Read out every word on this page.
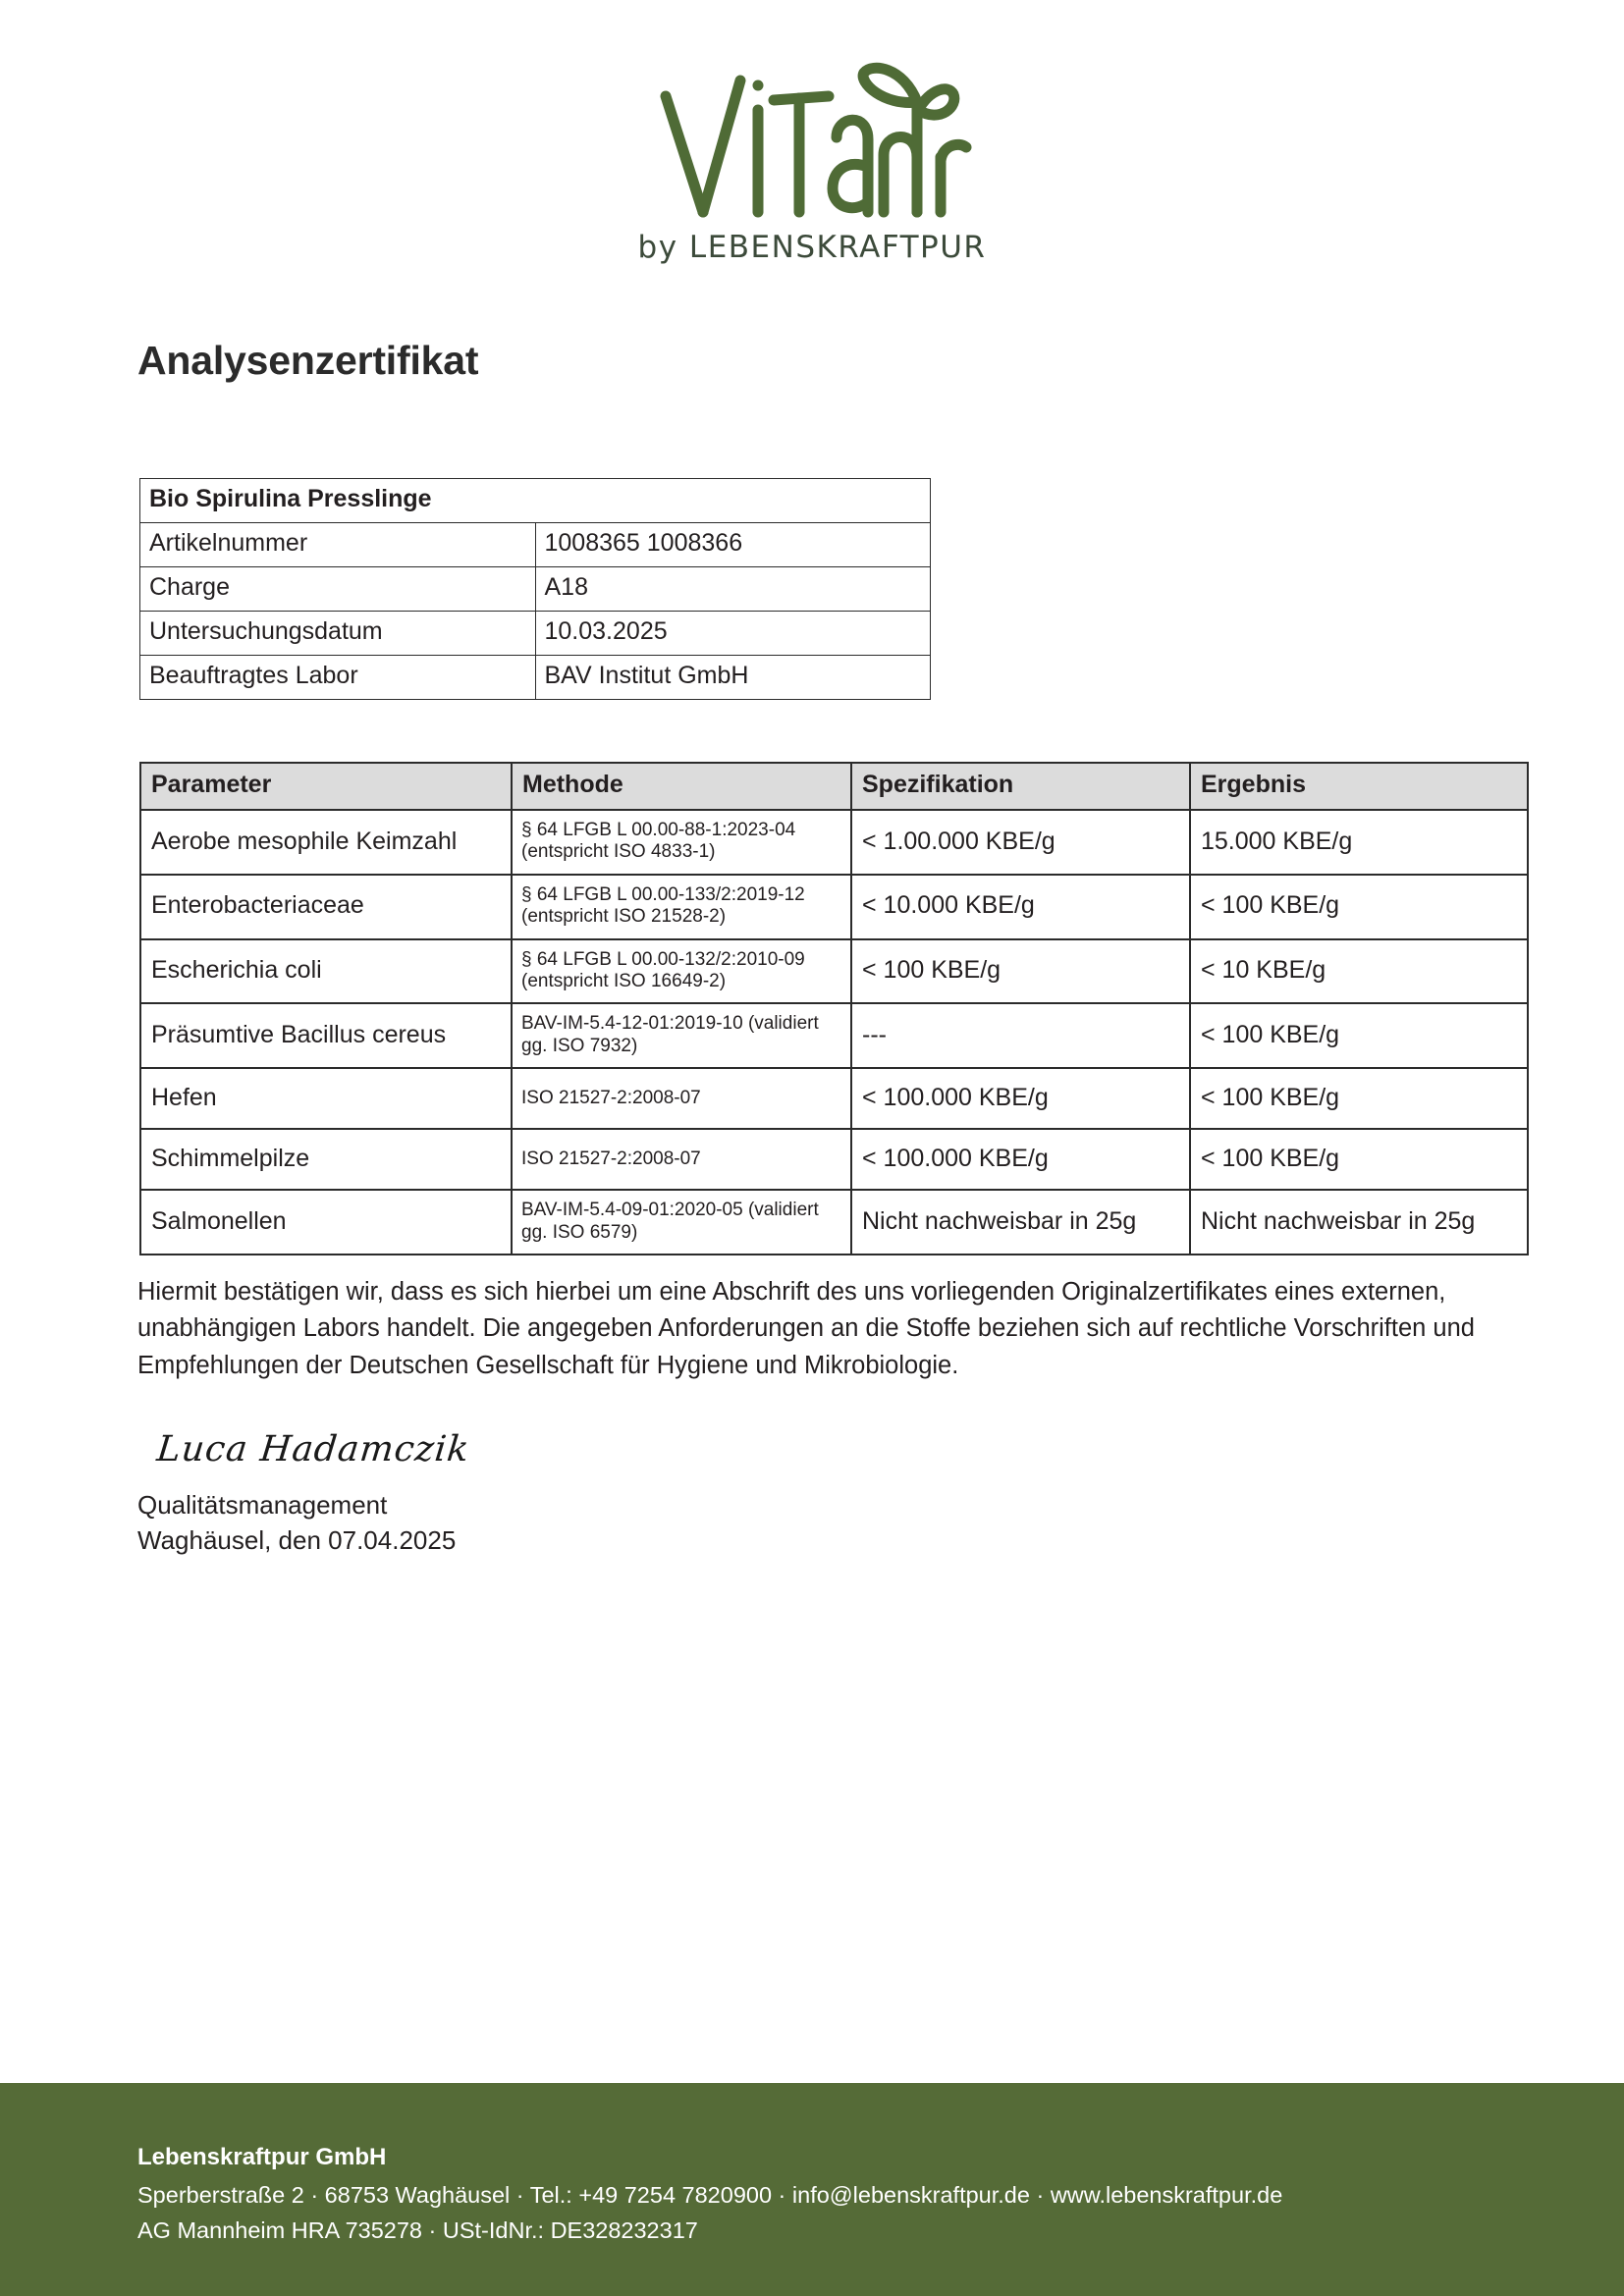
by LEBENSKRAFTPUR
Analysenzertifikat
Bio Spirulina Presslinge	
Artikelnummer	1008365 1008366
Charge	A18
Untersuchungsdatum	10.03.2025
Beauftragtes Labor	BAV Institut GmbH
Parameter	Methode	Spezifikation	Ergebnis
Aerobe mesophile Keimzahl	§ 64 LFGB L 00.00-88-1:2023-04 (entspricht ISO 4833-1)	< 1.00.000 KBE/g	15.000 KBE/g
Enterobacteriaceae	§ 64 LFGB L 00.00-133/2:2019-12 (entspricht ISO 21528-2)	< 10.000 KBE/g	< 100 KBE/g
Escherichia coli	§ 64 LFGB L 00.00-132/2:2010-09 (entspricht ISO 16649-2)	< 100 KBE/g	< 10 KBE/g
Präsumtive Bacillus cereus	BAV-IM-5.4-12-01:2019-10 (validiert gg. ISO 7932)	---	< 100 KBE/g
Hefen	ISO 21527-2:2008-07	< 100.000 KBE/g	< 100 KBE/g
Schimmelpilze	ISO 21527-2:2008-07	< 100.000 KBE/g	< 100 KBE/g
Salmonellen	BAV-IM-5.4-09-01:2020-05 (validiert gg. ISO 6579)	Nicht nachweisbar in 25g	Nicht nachweisbar in 25g
Hiermit bestätigen wir, dass es sich hierbei um eine Abschrift des uns vorliegenden Originalzertifikates eines externen, unabhängigen Labors handelt. Die angegeben Anforderungen an die Stoffe beziehen sich auf rechtliche Vorschriften und Empfehlungen der Deutschen Gesellschaft für Hygiene und Mikrobiologie.
Luca Hadamczik
Qualitätsmanagement
Waghäusel, den 07.04.2025
Lebenskraftpur GmbH
Sperberstraße 2 · 68753 Waghäusel · Tel.: +49 7254 7820900 · info@lebenskraftpur.de · www.lebenskraftpur.de
AG Mannheim HRA 735278 · USt-IdNr.: DE328232317
